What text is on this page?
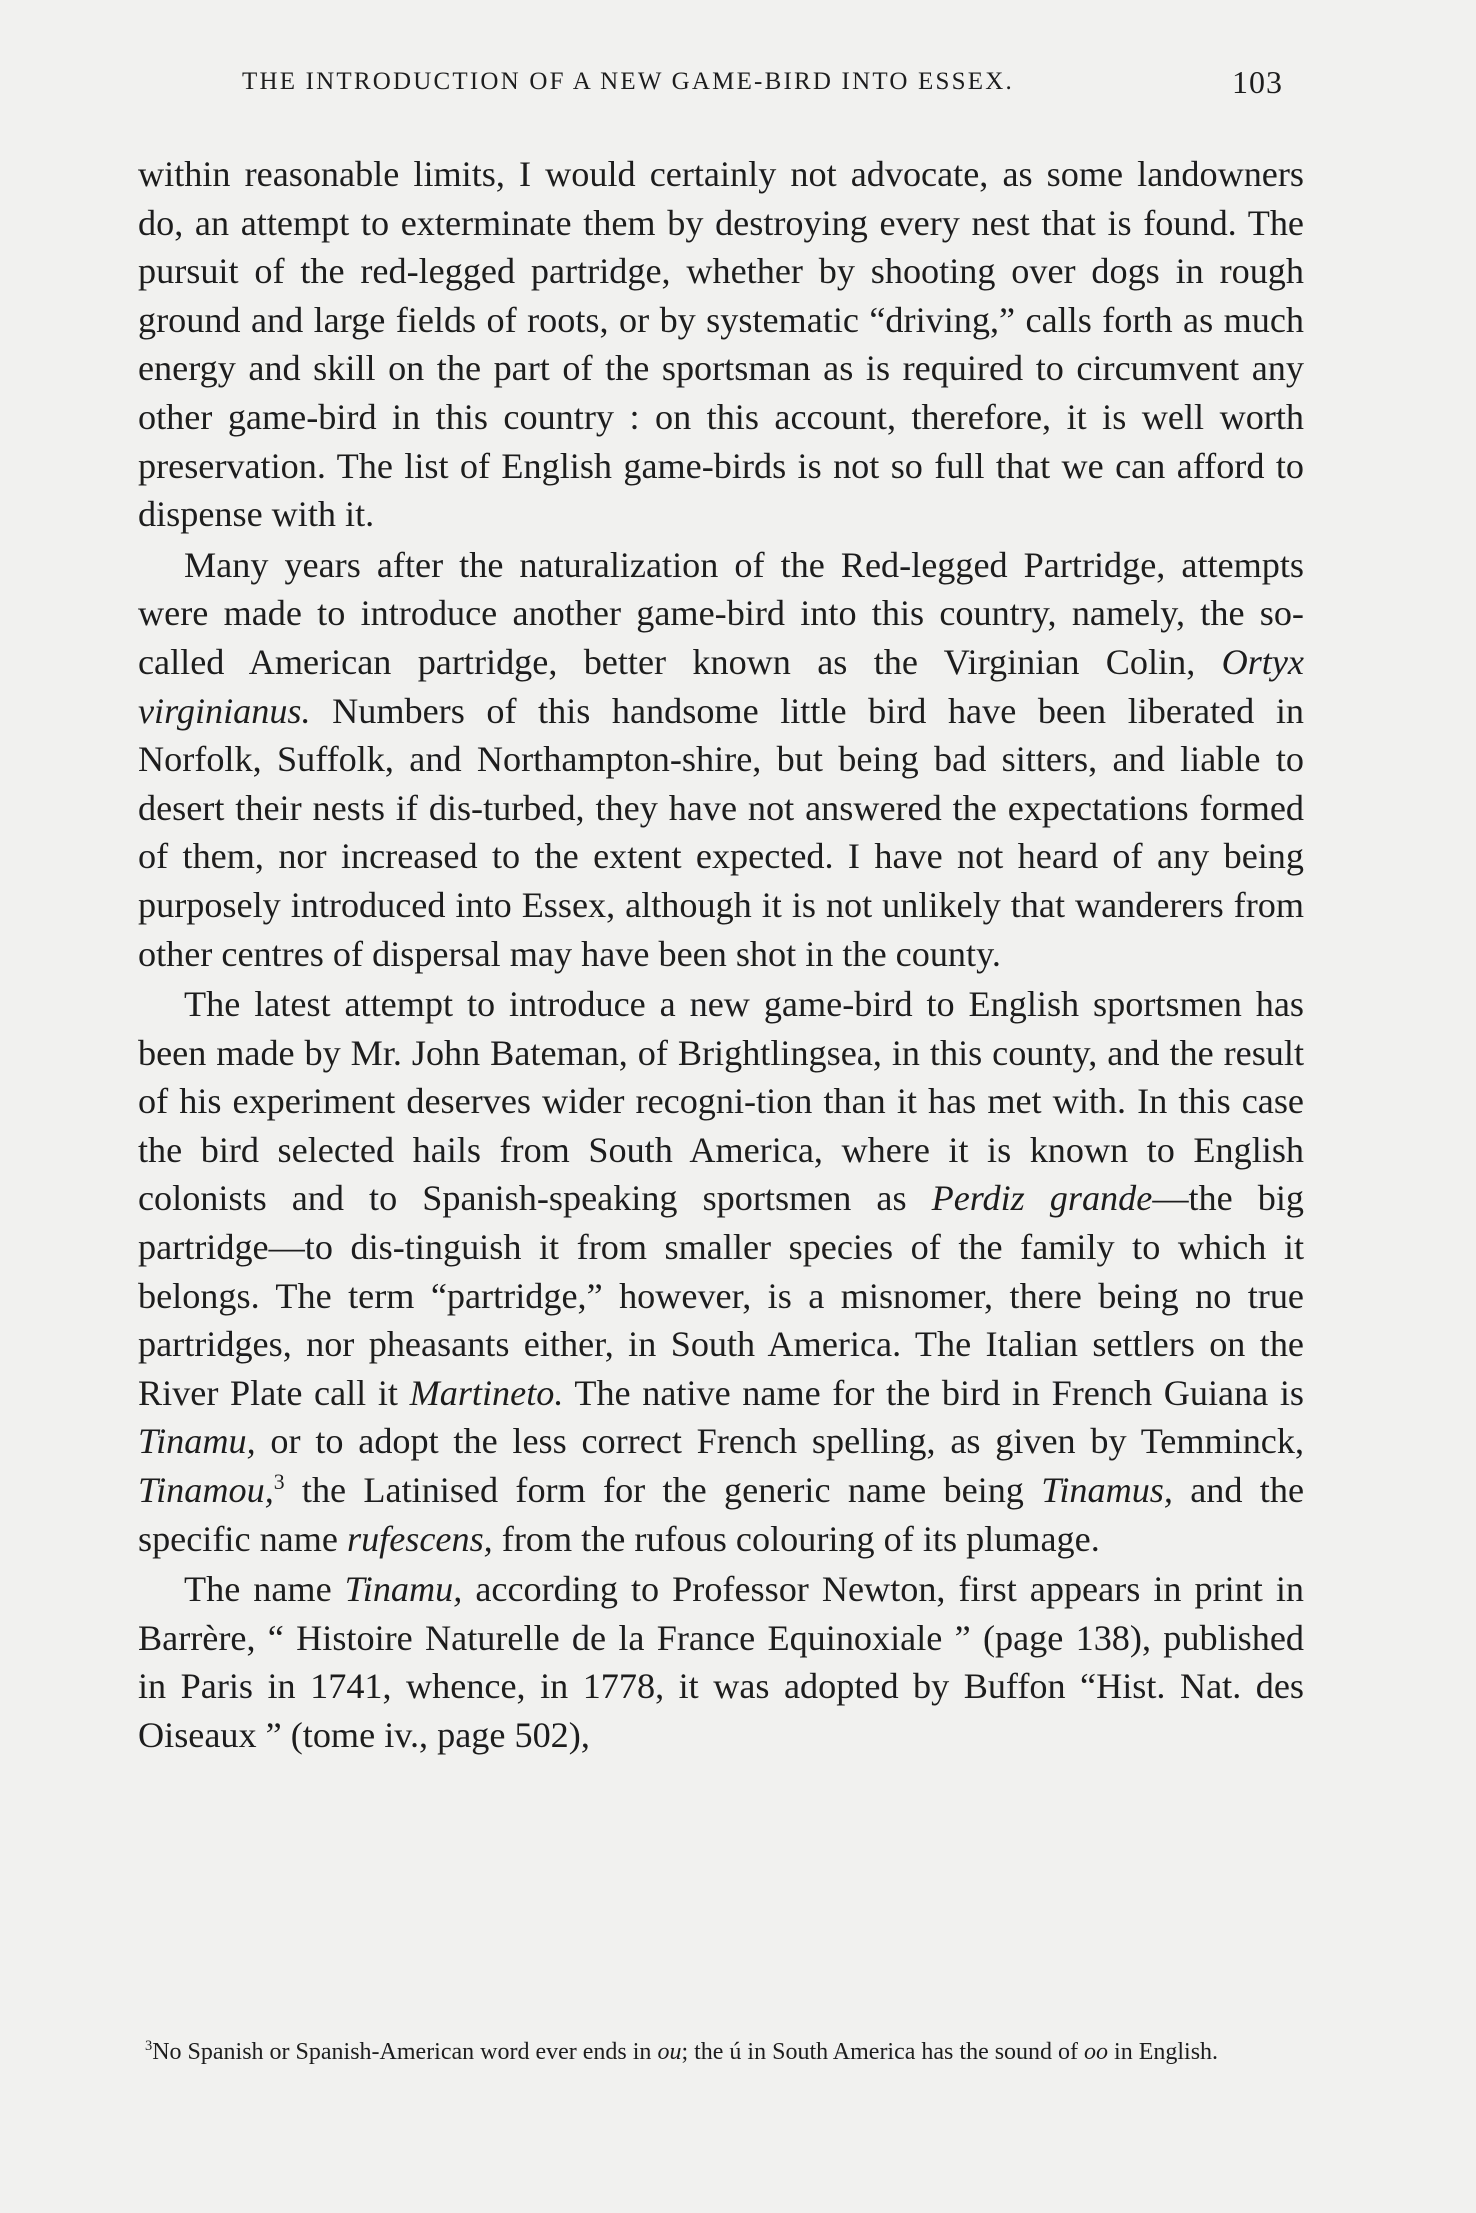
THE INTRODUCTION OF A NEW GAME-BIRD INTO ESSEX.	103

within reasonable limits, I would certainly not advocate, as some landowners do, an attempt to exterminate them by destroying every nest that is found. The pursuit of the red-legged partridge, whether by shooting over dogs in rough ground and large fields of roots, or by systematic “driving,” calls forth as much energy and skill on the part of the sportsman as is required to circumvent any other game-bird in this country : on this account, therefore, it is well worth preservation. The list of English game-birds is not so full that we can afford to dispense with it.

Many years after the naturalization of the Red-legged Partridge, attempts were made to introduce another game-bird into this country, namely, the so-called American partridge, better known as the Virginian Colin, Ortyx virginianus. Numbers of this handsome little bird have been liberated in Norfolk, Suffolk, and Northampton-shire, but being bad sitters, and liable to desert their nests if dis-turbed, they have not answered the expectations formed of them, nor increased to the extent expected. I have not heard of any being purposely introduced into Essex, although it is not unlikely that wanderers from other centres of dispersal may have been shot in the county.

The latest attempt to introduce a new game-bird to English sportsmen has been made by Mr. John Bateman, of Brightlingsea, in this county, and the result of his experiment deserves wider recogni-tion than it has met with. In this case the bird selected hails from South America, where it is known to English colonists and to Spanish-speaking sportsmen as Perdiz grande—the big partridge—to dis-tinguish it from smaller species of the family to which it belongs. The term “partridge,” however, is a misnomer, there being no true partridges, nor pheasants either, in South America. The Italian settlers on the River Plate call it Martineto. The native name for the bird in French Guiana is Tinamu, or to adopt the less correct French spelling, as given by Temminck, Tinamou,$^3$ the Latinised form for the generic name being Tinamus, and the specific name rufescens, from the rufous colouring of its plumage.

The name Tinamu, according to Professor Newton, first appears in print in Barrère, “ Histoire Naturelle de la France Equinoxiale ” (page 138), published in Paris in 1741, whence, in 1778, it was adopted by Buffon “Hist. Nat. des Oiseaux ” (tome iv., page 502),

$^3$No Spanish or Spanish-American word ever ends in ou; the ú in South America has the sound of oo in English.
